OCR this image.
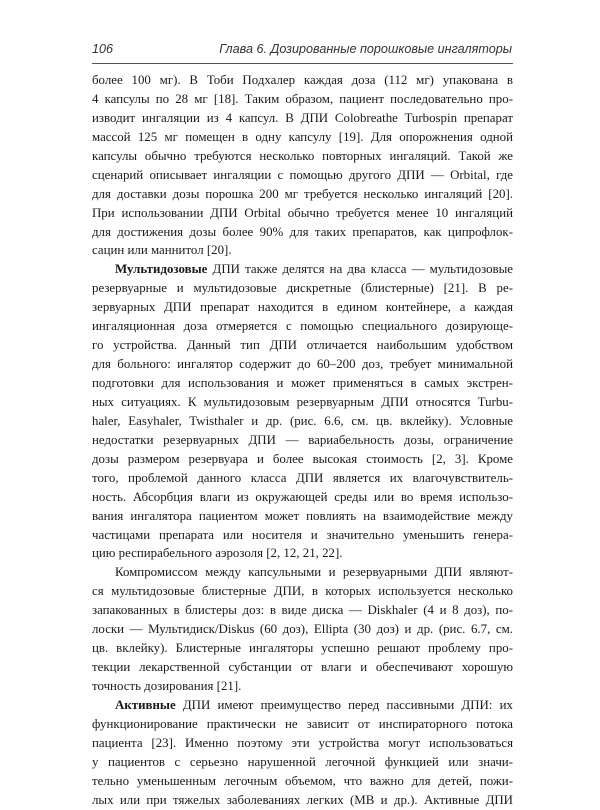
106	Глава 6. Дозированные порошковые ингаляторы
более 100 мг). В Тоби Подхалер каждая доза (112 мг) упакована в
4 капсулы по 28 мг [18]. Таким образом, пациент последовательно про-
изводит ингаляции из 4 капсул. В ДПИ Colobreathe Turbospin препарат
массой 125 мг помещен в одну капсулу [19]. Для опорожнения одной
капсулы обычно требуются несколько повторных ингаляций. Такой же
сценарий описывает ингаляции с помощью другого ДПИ — Orbital, где
для доставки дозы порошка 200 мг требуется несколько ингаляций [20].
При использовании ДПИ Orbital обычно требуется менее 10 ингаляций
для достижения дозы более 90% для таких препаратов, как ципрофлок-
сацин или маннитол [20].
Мультидозовые ДПИ также делятся на два класса — мультидозовые
резервуарные и мультидозовые дискретные (блистерные) [21]. В ре-
зервуарных ДПИ препарат находится в едином контейнере, а каждая
ингаляционная доза отмеряется с помощью специального дозирующе-
го устройства. Данный тип ДПИ отличается наибольшим удобством
для больного: ингалятор содержит до 60–200 доз, требует минимальной
подготовки для использования и может применяться в самых экстрен-
ных ситуациях. К мультидозовым резервуарным ДПИ относятся Turbu-
haler, Easyhaler, Twisthaler и др. (рис. 6.6, см. цв. вклейку). Условные
недостатки резервуарных ДПИ — вариабельность дозы, ограничение
дозы размером резервуара и более высокая стоимость [2, 3]. Кроме
того, проблемой данного класса ДПИ является их влагочувствитель-
ность. Абсорбция влаги из окружающей среды или во время использо-
вания ингалятора пациентом может повлиять на взаимодействие между
частицами препарата или носителя и значительно уменьшить генера-
цию респирабельного аэрозоля [2, 12, 21, 22].
Компромиссом между капсульными и резервуарными ДПИ являют-
ся мультидозовые блистерные ДПИ, в которых используется несколько
запакованных в блистеры доз: в виде диска — Diskhaler (4 и 8 доз), по-
лоски — Мультидиск/Diskus (60 доз), Ellipta (30 доз) и др. (рис. 6.7, см.
цв. вклейку). Блистерные ингаляторы успешно решают проблему про-
текции лекарственной субстанции от влаги и обеспечивают хорошую
точность дозирования [21].
Активные ДПИ имеют преимущество перед пассивными ДПИ: их
функционирование практически не зависит от инспираторного потока
пациента [23]. Именно поэтому эти устройства могут использоваться
у пациентов с серьезно нарушенной легочной функцией или значи-
тельно уменьшенным легочным объемом, что важно для детей, пожи-
лых или при тяжелых заболеваниях легких (МВ и др.). Активные ДПИ
